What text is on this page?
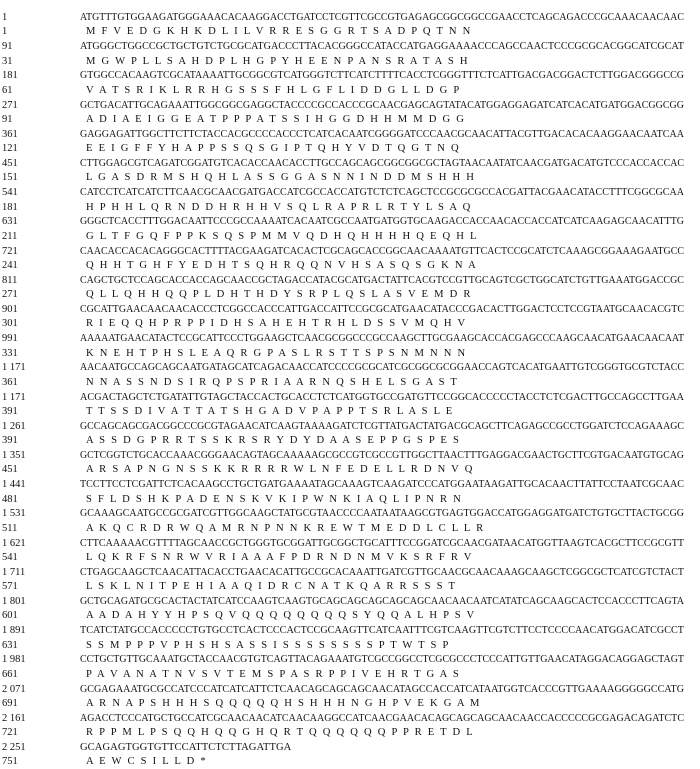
1	ATGTTTGTGGAAGATGGGAAACACAAGGACCTGATCCTCGTTCGCCGTGAGAGCGGCGGCCGAACCTCAGCAGACCCGCAAACAACAAC
1	M  F  V  E  D  G  K  H  K  D  L  I  L  V  R  R  E  S  G  G  R  T  S  A  D  P  Q  T  N  N
91	ATGGGCTGGCCGCTGCTGTCTGCGCATGACCCTTACACGGGCCATACCATGAGGAAAACCCAGCCAACTCCCGCGCACGGCATCGCAT
31	M  G  W  P  L  L  S  A  H  D  P  L  H  G  P  Y  H  E  E  N  P  A  N  S  R  A  T  A  S  H
181	GTGGCCACAAGTCGCATAAAATTGCGGCGTCATGGGTCTTCATCTTTTCACCTCGGGTTTCTCATTGACGACGGACTCTTGGACGGGCCG
61	V  A  T  S  R  I  K  L  R  R  H  G  S  S  S  F  H  L  G  F  L  I  D  D  G  L  L  D  G  P
271	GCTGACATTGCAGAAATTGGCGGCGAGGCTACCCCGCCACCCGCAACGAGCAGTATACATGGAGGAGATCATCACATGATGGACGGCGG
91	A  D  I  A  E  I  G  G  E  A  T  P  P  P  A  T  S  S  I  H  G  G  D  H  H  M  M  D  G  G
361	GAGGAGATTGGCTTCTTCTACCACGCCCCACCCTCATCACAATCGGGGATCCCAACGCAACATTACGTTGACACACAAGGAACAATCAA
121	E  E  I  G  F  F  Y  H  A  P  P  S  S  Q  S  G  I  P  T  Q  H  Y  V  D  T  Q  G  T  N  Q
451	CTTGGAGCGTCAGATCGGATGTCACACCAACACCTTGCCAGCAGCGGCGGCGCTAGTAACAATATCAACGATGACATGTCCCACCACCAC
151	L  G  A  S  D  R  M  S  H  Q  H  L  A  S  S  G  G  A  S  N  N  I  N  D  D  M  S  H  H  H
541	CATCCTCATCATCTTCAACGCAACGATGACCATCGCCACCATGTCTCTCAGCTCCGCGCGCCACGATTACGAACATACCTTTCGGCGCAA
181	H  P  H  H  L  Q  R  N  D  D  H  R  H  H  V  S  Q  L  R  A  P  R  L  R  T  Y  L  S  A  Q
631	GGGCTCACCTTTGGACAATTCCCGCCAAAATCACAATCGCCAATGATGGTGCAAGACCACCAACACCACCATCATCAAGAGCAACATTTG
211	G  L  T  F  G  Q  F  P  P  K  S  Q  S  P  M  M  V  Q  D  H  Q  H  H  H  H  Q  E  Q  H  L
721	CAACACCACACAGGGCACTTTTACGAAGATCACACTCGCAGCACCGGCAACAAAATGTTCACTCCGCATCTCAAAGCGGAAAGAATGCC
241	Q  H  H  T  G  H  F  Y  E  D  H  T  S  Q  H  R  Q  Q  N  V  H  S  A  S  Q  S  G  K  N  A
811	CAGCTGCTCCAGCACCACCAGCAACCGCTAGACCATACGCATGACTATTCACGTCCGTTGCAGTCGCTGGCATCTGTTGAAATGGACCGC
271	Q  L  L  Q  H  H  Q  Q  P  L  D  H  T  H  D  Y  S  R  P  L  Q  S  L  A  S  V  E  M  D  R
901	CGCATTGAACAACAACACCCTCGGCCACCCATTGACCATTCCGCGCATGAACATACCCGACACTTGGACTCCTCCGTAATGCAACACGTC
301	R  I  E  Q  Q  H  P  R  P  P  I  D  H  S  A  H  E  H  T  R  H  L  D  S  S  V  M  Q  H  V
991	AAAAATGAACATACTCCGCATTCCCTGGAAGCTCAACGCGGCCCGCCAAGCTTGCGAAGCACCACGAGCCCAAGCAACATGAACAACAAT
331	K  N  E  H  T  P  H  S  L  E  A  Q  R  G  P  A  S  L  R  S  T  T  S  P  S  N  M  N  N  N
1 171	AACAATGCCAGCAGCAATGATAGCATCAGACAACCATCCCCGCGCATCGCGGCGCGGAACCAGTCACATGAATTGTCGGGTGCGTCTACC
361	N  N  A  S  S  N  D  S  I  R  Q  P  S  P  R  I  A  A  R  N  Q  S  H  E  L  S  G  A  S  T
1 171	ACGACTAGCTCTGATATTGTAGCTACCACTGCACCTCTCATGGTGCCGATGTTCCGGCACCCCCTACCTCTCGACTTGCCAGCCTTGAA
391	T  T  S  S  D  I  V  A  T  T  A  T  S  H  G  A  D  V  P  A  P  P  T  S  R  L  A  S  L  E
1 261	GCCAGCAGCGACGGCCCGCGTAGAACATCAAGTAAAAGATCTCGTTATGACTATGACGCAGCTTCAGAGCCGCCTGGATCTCCAGAAAGC
391	A  S  S  D  G  P  R  R  T  S  S  K  R  S  R  Y  D  Y  D  A  A  S  E  P  P  G  S  P  E  S
1 351	GCTCGGTCTGCACCAAACGGGAACAGTAGCAAAAAGCGCCGTCGCCGTTGGCTTAACTTTGAGGACGAACTGCTTCGTGACAATGTGCAG
451	A  R  S  A  P  N  G  N  S  S  K  K  R  R  R  R  W  L  N  F  E  D  E  L  L  R  D  N  V  Q
1 441	TCCTTCCTCGATTCTCACAAGCCTGCTGATGAAAATAGCAAAGTCAAGATCCCATGGAATAAGATTGCACAACTTATTCCTAATCGCAAC
481	S  F  L  D  S  H  K  P  A  D  E  N  S  K  V  K  I  P  W  N  K  I  A  Q  L  I  P  N  R  N
1 531	GCAAAGCAATGCCGCGATCGTTGGCAAGCTATGCGTAACCCCAATAATAAGCGTGAGTGGACCATGGAGGATGATCTGTGCTTACTGCGG
511	A  K  Q  C  R  D  R  W  Q  A  M  R  N  P  N  N  K  R  E  W  T  M  E  D  D  L  C  L  L  R
1 621	CTTCAAAAACGTTTTAGCAACCGCTGGGTGCGGATTGCGGCTGCATTTCCGGATCGCAACGATAACATGGTTAAGTCACGCTTCCGCGTT
541	L  Q  K  R  F  S  N  R  W  V  R  I  A  A  A  F  P  D  R  N  D  N  M  V  K  S  R  F  R  V
1 711	CTGAGCAAGCTCAACATTACACCTGAACACATTGCCGCACAAATTGATCGTTGCAACGCAACAAAGCAAGCTCGGCGCTCATCGTCTACT
571	L  S  K  L  N  I  T  P  E  H  I  A  A  Q  I  D  R  C  N  A  T  K  Q  A  R  R  S  S  S  T
1 801	GCTGCAGATGCGCACTACTATCATCCAAGTCAAGTGCAGCAGCAGCAGCAGCAACAACAATCATATCAGCAAGCACTCCACCCTTCAGTA
601	A  A  D  A  H  Y  Y  H  P  S  Q  V  Q  Q  Q  Q  Q  Q  Q  Q  S  Y  Q  Q  A  L  H  P  S  V
1 891	TCATCTATGCCACCCCCTGTGCCTCACTCCCACTCCGCAAGTTCATCAATTTCGTCAAGTTCGTCTTCCTCCCCAACATGGACATCGCCT
631	S  S  M  P  P  P  V  P  H  S  H  S  A  S  S  I  S  S  S  S  S  S  S  S  P  T  W  T  S  P
1 981	CCTGCTGTTGCAAATGCTACCAACGTGTCAGTTACAGAAATGTCGCCGGCCTCGCGCCCTCCCATTGTTGAACATAGGACAGGAGCTAGT
661	P  A  V  A  N  A  T  N  V  S  V  T  E  M  S  P  A  S  R  P  P  I  V  E  H  R  T  G  A  S
2 071	GCGAGAAATGCGCCATCCCATCATCATTCTCAACAGCAGCAGCAACATAGCCACCATCATAATGGTCACCCGTTGAAAAGGGGGCCATG
691	A  R  N  A  P  S  H  H  H  S  Q  Q  Q  Q  Q  H  S  H  H  H  N  G  H  P  V  E  K  G  A  M
2 161	AGACCTCCCATGCTGCCATCGCAACAACATCAACAAGGCCATCAACGAACACAGCAGCAGCAACAACCACCCCCGCGAGACAGATCTC
721	R  P  P  M  L  P  S  Q  Q  H  Q  Q  G  H  Q  R  T  Q  Q  Q  Q  Q  Q  P  P  R  E  T  D  L
2 251	GCAGAGTGGTGTTCCATTCTCTTAGATTGA
751	A  E  W  C  S  I  L  L  D  *
